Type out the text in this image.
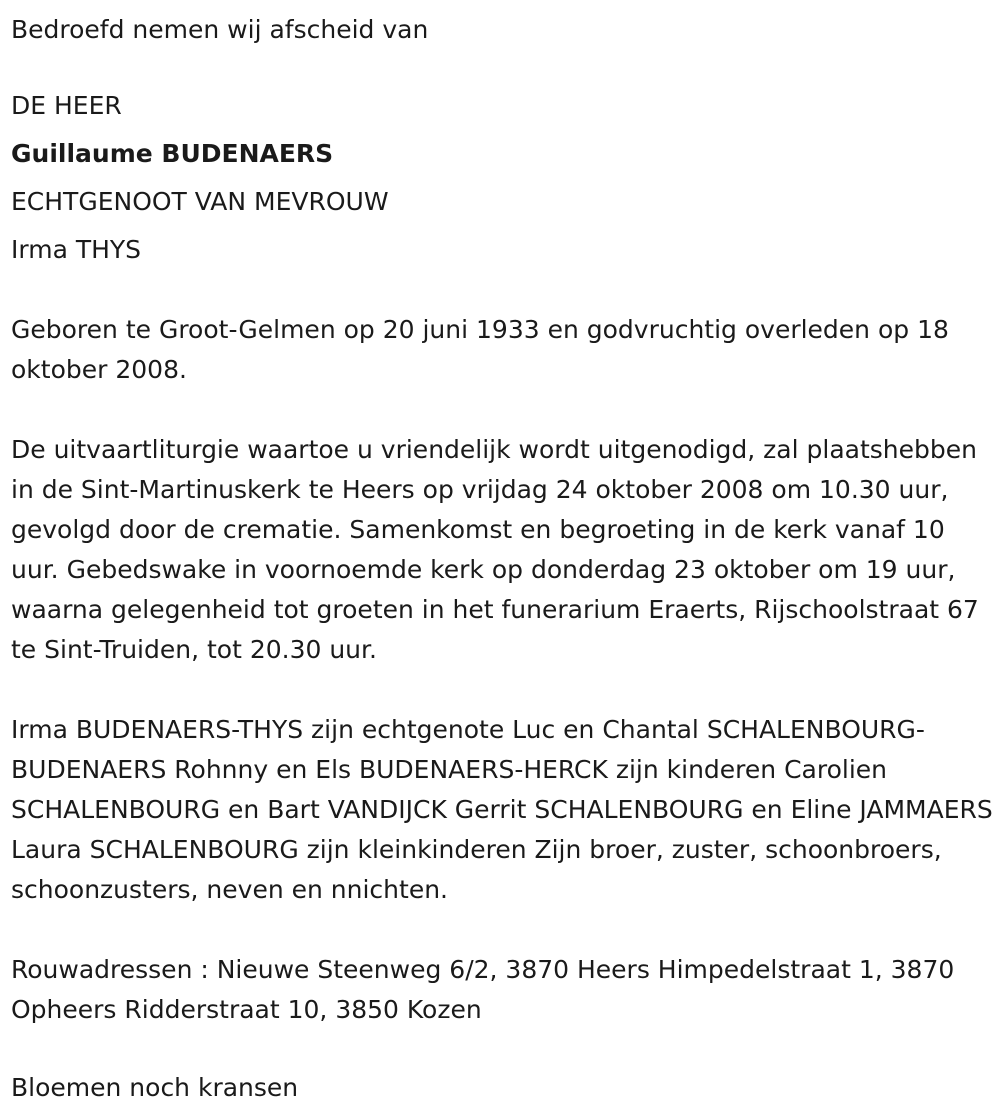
Bedroefd nemen wij afscheid van
DE HEER
Guillaume BUDENAERS
ECHTGENOOT VAN MEVROUW
Irma THYS

Geboren te Groot-Gelmen op 20 juni 1933 en godvruchtig overleden op 18 oktober 2008.

De uitvaartliturgie waartoe u vriendelijk wordt uitgenodigd, zal plaatshebben in de Sint-Martinuskerk te Heers op vrijdag 24 oktober 2008 om 10.30 uur, gevolgd door de crematie. Samenkomst en begroeting in de kerk vanaf 10 uur. Gebedswake in voornoemde kerk op donderdag 23 oktober om 19 uur, waarna gelegenheid tot groeten in het funerarium Eraerts, Rijschoolstraat 67 te Sint-Truiden, tot 20.30 uur.

Irma BUDENAERS-THYS zijn echtgenote Luc en Chantal SCHALENBOURG-BUDENAERS Rohnny en Els BUDENAERS-HERCK zijn kinderen Carolien SCHALENBOURG en Bart VANDIJCK Gerrit SCHALENBOURG en Eline JAMMAERS Laura SCHALENBOURG zijn kleinkinderen Zijn broer, zuster, schoonbroers, schoonzusters, neven en nnichten.

Rouwadressen : Nieuwe Steenweg 6/2, 3870 Heers Himpedelstraat 1, 3870 Opheers Ridderstraat 10, 3850 Kozen

Bloemen noch kransen
